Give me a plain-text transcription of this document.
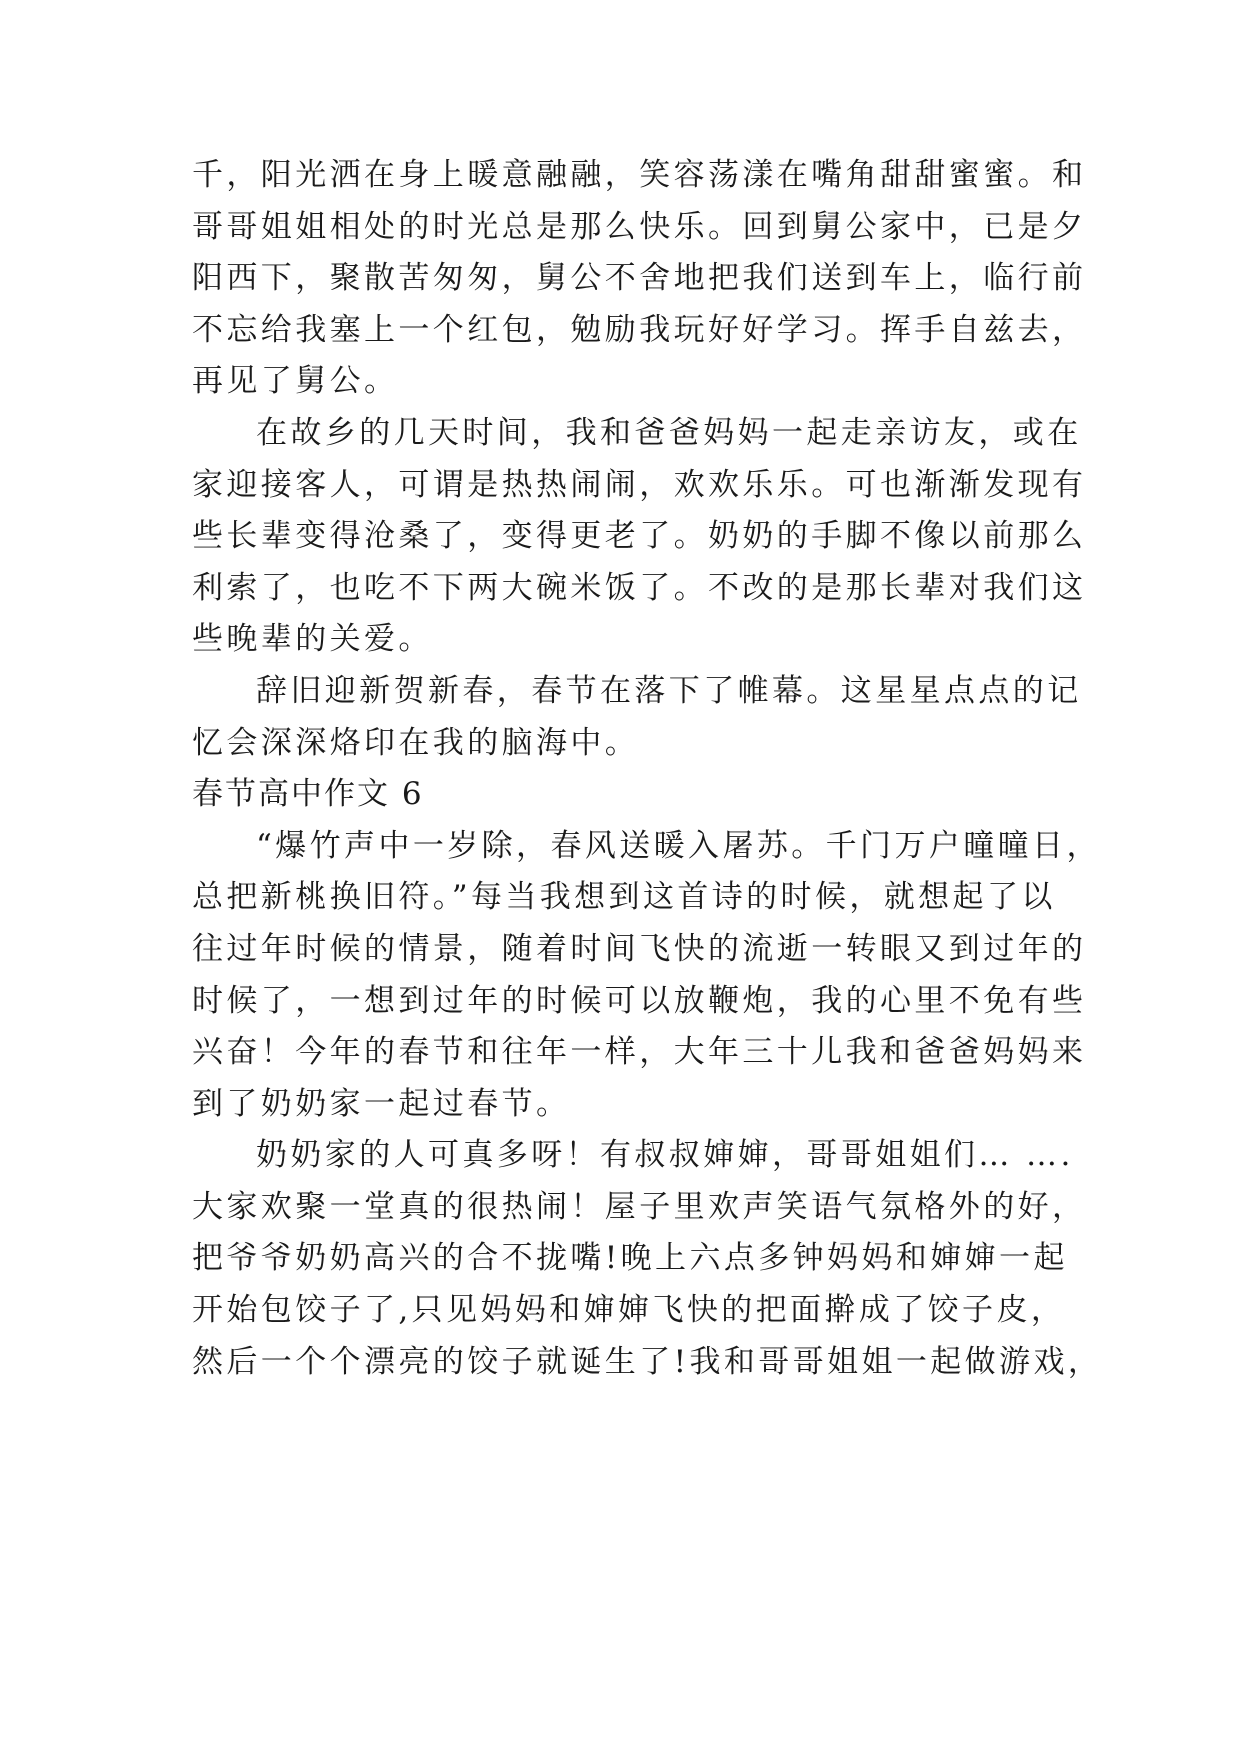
千，阳光洒在身上暖意融融，笑容荡漾在嘴角甜甜蜜蜜。和
哥哥姐姐相处的时光总是那么快乐。回到舅公家中，已是夕
阳西下，聚散苦匆匆，舅公不舍地把我们送到车上，临行前
不忘给我塞上一个红包，勉励我玩好好学习。挥手自兹去，
再见了舅公。
在故乡的几天时间，我和爸爸妈妈一起走亲访友，或在
家迎接客人，可谓是热热闹闹，欢欢乐乐。可也渐渐发现有
些长辈变得沧桑了，变得更老了。奶奶的手脚不像以前那么
利索了，也吃不下两大碗米饭了。不改的是那长辈对我们这
些晚辈的关爱。
辞旧迎新贺新春，春节在落下了帷幕。这星星点点的记
忆会深深烙印在我的脑海中。
春节高中作文 6
“爆竹声中一岁除，春风送暖入屠苏。千门万户曈曈日，
总把新桃换旧符。”每当我想到这首诗的时候，就想起了以
往过年时候的情景，随着时间飞快的流逝一转眼又到过年的
时候了，一想到过年的时候可以放鞭炮，我的心里不免有些
兴奋！今年的春节和往年一样，大年三十儿我和爸爸妈妈来
到了奶奶家一起过春节。
奶奶家的人可真多呀！有叔叔婶婶，哥哥姐姐们… ….
大家欢聚一堂真的很热闹！屋子里欢声笑语气氛格外的好，
把爷爷奶奶高兴的合不拢嘴!晚上六点多钟妈妈和婶婶一起
开始包饺子了,只见妈妈和婶婶飞快的把面擀成了饺子皮，
然后一个个漂亮的饺子就诞生了!我和哥哥姐姐一起做游戏，
